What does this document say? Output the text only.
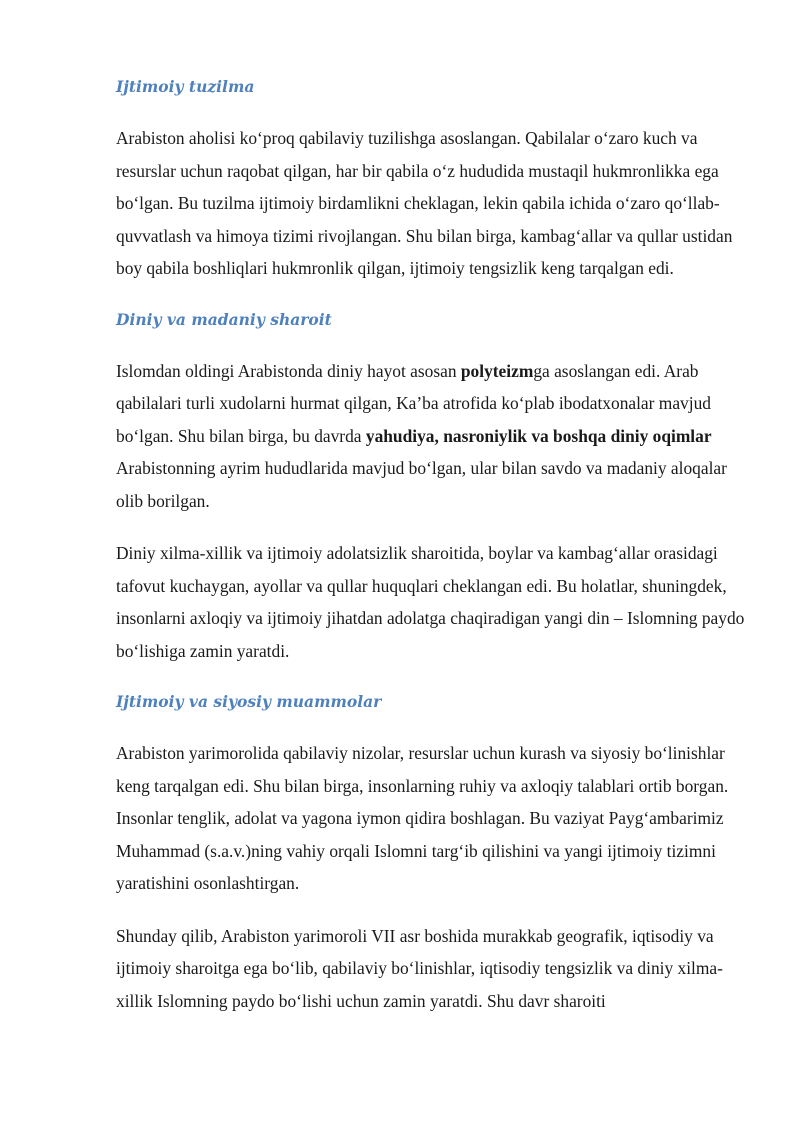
Ijtimoiy tuzilma

Arabiston aholisi koʻproq qabilaviy tuzilishga asoslangan. Qabilalar oʻzaro kuch va resurslar uchun raqobat qilgan, har bir qabila oʻz hududida mustaqil hukmronlikka ega boʻlgan. Bu tuzilma ijtimoiy birdamlikni cheklagan, lekin qabila ichida oʻzaro qoʻllab-quvvatlash va himoya tizimi rivojlangan. Shu bilan birga, kambagʻallar va qullar ustidan boy qabila boshliqlari hukmronlik qilgan, ijtimoiy tengsizlik keng tarqalgan edi.

Diniy va madaniy sharoit

Islomdan oldingi Arabistonda diniy hayot asosan polyteizmga asoslangan edi. Arab qabilalari turli xudolarni hurmat qilgan, Ka’ba atrofida koʻplab ibodatxonalar mavjud boʻlgan. Shu bilan birga, bu davrda yahudiya, nasroniylik va boshqa diniy oqimlar Arabistonning ayrim hududlarida mavjud boʻlgan, ular bilan savdo va madaniy aloqalar olib borilgan.

Diniy xilma-xillik va ijtimoiy adolatsizlik sharoitida, boylar va kambagʻallar orasidagi tafovut kuchaygan, ayollar va qullar huquqlari cheklangan edi. Bu holatlar, shuningdek, insonlarni axloqiy va ijtimoiy jihatdan adolatga chaqiradigan yangi din – Islomning paydo boʻlishiga zamin yaratdi.

Ijtimoiy va siyosiy muammolar

Arabiston yarimorolida qabilaviy nizolar, resurslar uchun kurash va siyosiy boʻlinishlar keng tarqalgan edi. Shu bilan birga, insonlarning ruhiy va axloqiy talablari ortib borgan. Insonlar tenglik, adolat va yagona iymon qidira boshlagan. Bu vaziyat Paygʻambarimiz Muhammad (s.a.v.)ning vahiy orqali Islomni targʻib qilishini va yangi ijtimoiy tizimni yaratishini osonlashtirgan.

Shunday qilib, Arabiston yarimoroli VII asr boshida murakkab geografik, iqtisodiy va ijtimoiy sharoitga ega boʻlib, qabilaviy boʻlinishlar, iqtisodiy tengsizlik va diniy xilma-xillik Islomning paydo boʻlishi uchun zamin yaratdi. Shu davr sharoiti
